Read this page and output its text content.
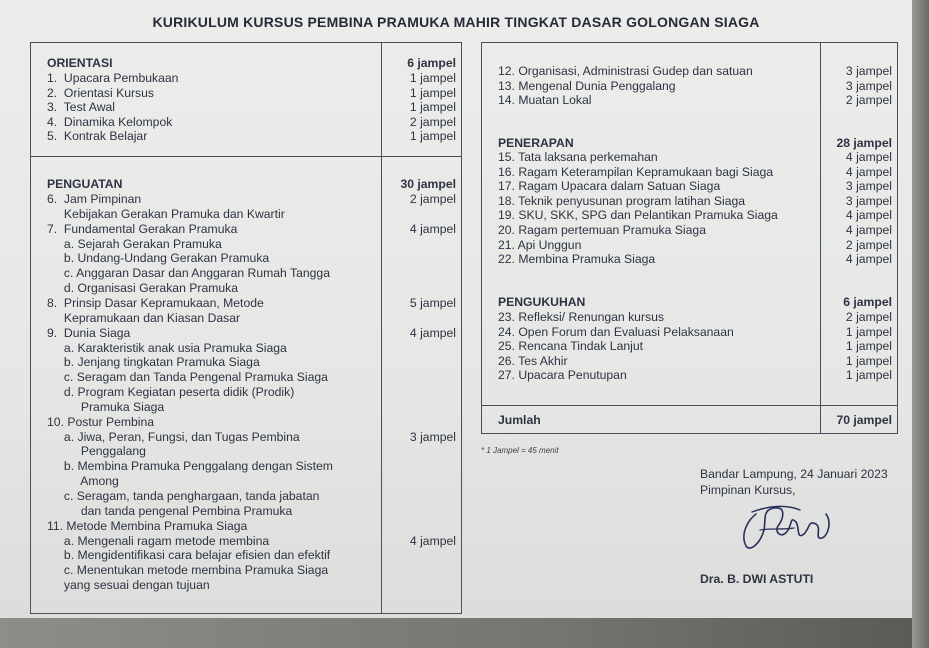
KURIKULUM KURSUS PEMBINA PRAMUKA MAHIR TINGKAT DASAR GOLONGAN SIAGA
ORIENTASI	6 jampel
1.  Upacara Pembukaan	1 jampel
2.  Orientasi Kursus	1 jampel
3.  Test Awal	1 jampel
4.  Dinamika Kelompok	2 jampel
5.  Kontrak Belajar	1 jampel
PENGUATAN	30 jampel
6.  Jam Pimpinan	2 jampel
Kebijakan Gerakan Pramuka dan Kwartir
7.  Fundamental Gerakan Pramuka	4 jampel
a. Sejarah Gerakan Pramuka
b. Undang-Undang Gerakan Pramuka
c. Anggaran Dasar dan Anggaran Rumah Tangga
d. Organisasi Gerakan Pramuka
8.  Prinsip Dasar Kepramukaan, Metode	5 jampel
Kepramukaan dan Kiasan Dasar
9.  Dunia Siaga	4 jampel
a. Karakteristik anak usia Pramuka Siaga
b. Jenjang tingkatan Pramuka Siaga
c. Seragam dan Tanda Pengenal Pramuka Siaga
d. Program Kegiatan peserta didik (Prodik)
Pramuka Siaga
10. Postur Pembina
a. Jiwa, Peran, Fungsi, dan Tugas Pembina	3 jampel
Penggalang
b. Membina Pramuka Penggalang dengan Sistem
Among
c. Seragam, tanda penghargaan, tanda jabatan
dan tanda pengenal Pembina Pramuka
11. Metode Membina Pramuka Siaga
a. Mengenali ragam metode membina	4 jampel
b. Mengidentifikasi cara belajar efisien dan efektif
c. Menentukan metode membina Pramuka Siaga
yang sesuai dengan tujuan
12. Organisasi, Administrasi Gudep dan satuan	3 jampel
13. Mengenal Dunia Penggalang	3 jampel
14. Muatan Lokal	2 jampel
PENERAPAN	28 jampel
15. Tata laksana perkemahan	4 jampel
16. Ragam Keterampilan Kepramukaan bagi Siaga	4 jampel
17. Ragam Upacara dalam Satuan Siaga	3 jampel
18. Teknik penyusunan program latihan Siaga	3 jampel
19. SKU, SKK, SPG dan Pelantikan Pramuka Siaga	4 jampel
20. Ragam pertemuan Pramuka Siaga	4 jampel
21. Api Unggun	2 jampel
22. Membina Pramuka Siaga	4 jampel
PENGUKUHAN	6 jampel
23. Refleksi/ Renungan kursus	2 jampel
24. Open Forum dan Evaluasi Pelaksanaan	1 jampel
25. Rencana Tindak Lanjut	1 jampel
26. Tes Akhir	1 jampel
27. Upacara Penutupan	1 jampel
Jumlah	70 jampel
* 1 Jampel = 45 menit
Bandar Lampung, 24 Januari 2023
Pimpinan Kursus,
Dra. B. DWI ASTUTI
